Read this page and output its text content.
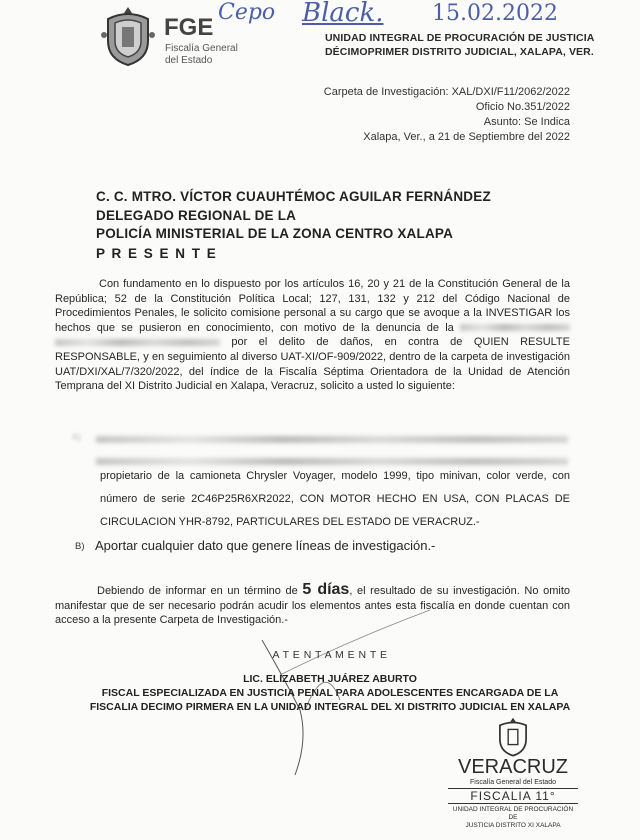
FGE
Fiscalía General
del Estado
Cepo Black. 15.02.2022
UNIDAD INTEGRAL DE PROCURACIÓN DE JUSTICIA
DÉCIMOPRIMER DISTRITO JUDICIAL, XALAPA, VER.
Carpeta de Investigación: XAL/DXI/F11/2062/2022
Oficio No.351/2022
Asunto: Se Indica
Xalapa, Ver., a 21 de Septiembre del 2022
C. C. MTRO. VÍCTOR CUAUHTÉMOC AGUILAR FERNÁNDEZ
DELEGADO REGIONAL DE LA
POLICÍA MINISTERIAL DE LA ZONA CENTRO XALAPA
P R E S E N T E

Con fundamento en lo dispuesto por los artículos 16, 20 y 21 de la Constitución General de la República; 52 de la Constitución Política Local; 127, 131, 132 y 212 del Código Nacional de Procedimientos Penales, le solicito comisione personal a su cargo que se avoque a la INVESTIGAR los hechos que se pusieron en conocimiento, con motivo de la denuncia de la   por el delito de daños, en contra de QUIEN RESULTE RESPONSABLE, y en seguimiento al diverso UAT-XI/OF-909/2022, dentro de la carpeta de investigación UAT/DXI/XAL/7/320/2022, del índice de la Fiscalía Séptima Orientadora de la Unidad de Atención Temprana del XI Distrito Judicial en Xalapa, Veracruz, solicito a usted lo siguiente:

A)
propietario de la camioneta Chrysler Voyager, modelo 1999, tipo minivan, color verde, con número de serie 2C46P25R6XR2022, CON MOTOR HECHO EN USA, CON PLACAS DE CIRCULACION YHR-8792, PARTICULARES DEL ESTADO DE VERACRUZ.-
B) Aportar cualquier dato que genere líneas de investigación.-

Debiendo de informar en un término de 5 días, el resultado de su investigación. No omito manifestar que de ser necesario podrán acudir los elementos antes esta fiscalía en donde cuentan con acceso a la presente Carpeta de Investigación.-

A T E N T A M E N T E
LIC. ELIZABETH JUÁREZ ABURTO
FISCAL ESPECIALIZADA EN JUSTICIA PENAL PARA ADOLESCENTES ENCARGADA DE LA
FISCALIA DECIMO PIRMERA EN LA UNIDAD INTEGRAL DEL XI DISTRITO JUDICIAL EN XALAPA
VERACRUZ
Fiscalía General del Estado
FISCALIA 11°
UNIDAD INTEGRAL DE PROCURACIÓN DE
JUSTICIA DISTRITO XI XALAPA
